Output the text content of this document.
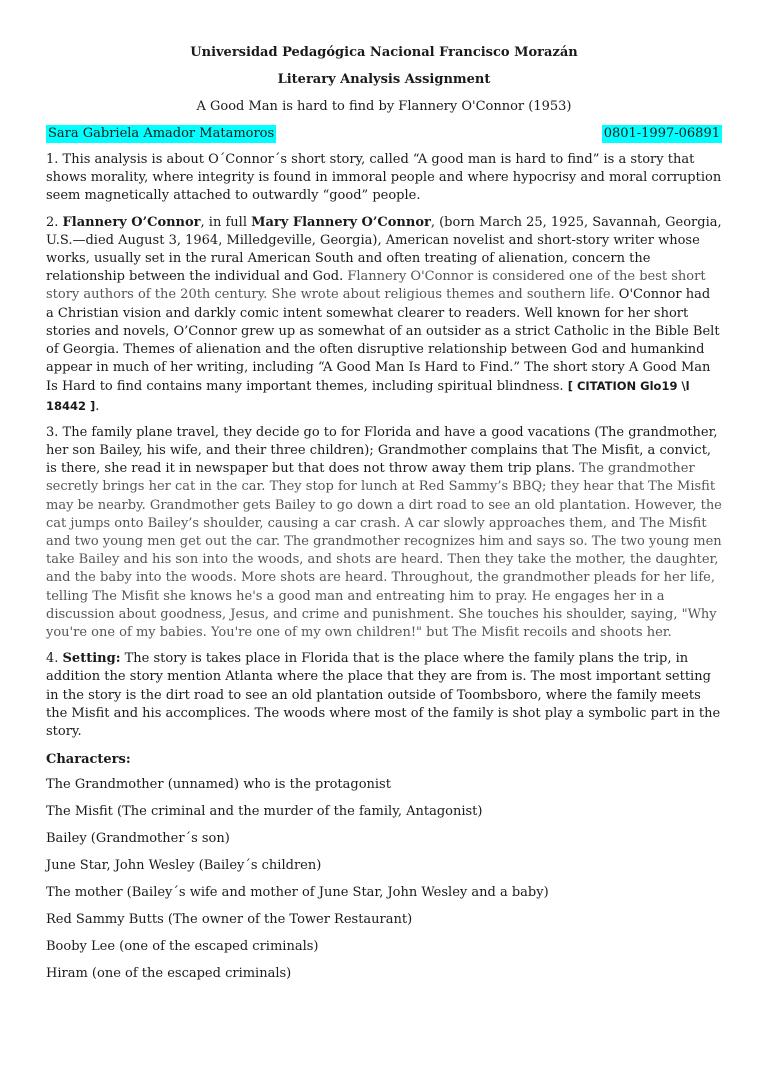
Universidad Pedagógica Nacional Francisco Morazán

Literary Analysis Assignment

A Good Man is hard to find by Flannery O'Connor (1953)

Sara Gabriela Amador Matamoros	0801-1997-06891

1. This analysis is about O´Connor´s short story, called “A good man is hard to find” is a story that shows morality, where integrity is found in immoral people and where hypocrisy and moral corruption seem magnetically attached to outwardly “good” people.

2. Flannery O’Connor, in full Mary Flannery O’Connor, (born March 25, 1925, Savannah, Georgia, U.S.—died August 3, 1964, Milledgeville, Georgia), American novelist and short-story writer whose works, usually set in the rural American South and often treating of alienation, concern the relationship between the individual and God. Flannery O'Connor is considered one of the best short story authors of the 20th century. She wrote about religious themes and southern life. O'Connor had a Christian vision and darkly comic intent somewhat clearer to readers. Well known for her short stories and novels, O’Connor grew up as somewhat of an outsider as a strict Catholic in the Bible Belt of Georgia. Themes of alienation and the often disruptive relationship between God and humankind appear in much of her writing, including “A Good Man Is Hard to Find.” The short story A Good Man Is Hard to find contains many important themes, including spiritual blindness. [ CITATION Glo19 \l 18442 ].

3. The family plane travel, they decide go to for Florida and have a good vacations (The grandmother, her son Bailey, his wife, and their three children); Grandmother complains that The Misfit, a convict, is there, she read it in newspaper but that does not throw away them trip plans. The grandmother secretly brings her cat in the car. They stop for lunch at Red Sammy’s BBQ; they hear that The Misfit may be nearby. Grandmother gets Bailey to go down a dirt road to see an old plantation. However, the cat jumps onto Bailey’s shoulder, causing a car crash. A car slowly approaches them, and The Misfit and two young men get out the car. The grandmother recognizes him and says so. The two young men take Bailey and his son into the woods, and shots are heard. Then they take the mother, the daughter, and the baby into the woods. More shots are heard. Throughout, the grandmother pleads for her life, telling The Misfit she knows he's a good man and entreating him to pray. He engages her in a discussion about goodness, Jesus, and crime and punishment. She touches his shoulder, saying, "Why you're one of my babies. You're one of my own children!" but The Misfit recoils and shoots her.

4. Setting: The story is takes place in Florida that is the place where the family plans the trip, in addition the story mention Atlanta where the place that they are from is. The most important setting in the story is the dirt road to see an old plantation outside of Toombsboro, where the family meets the Misfit and his accomplices. The woods where most of the family is shot play a symbolic part in the story.

Characters:

The Grandmother (unnamed) who is the protagonist
The Misfit (The criminal and the murder of the family, Antagonist)
Bailey (Grandmother´s son)
June Star, John Wesley (Bailey´s children)
The mother (Bailey´s wife and mother of June Star, John Wesley and a baby)
Red Sammy Butts (The owner of the Tower Restaurant)
Booby Lee (one of the escaped criminals)
Hiram (one of the escaped criminals)
